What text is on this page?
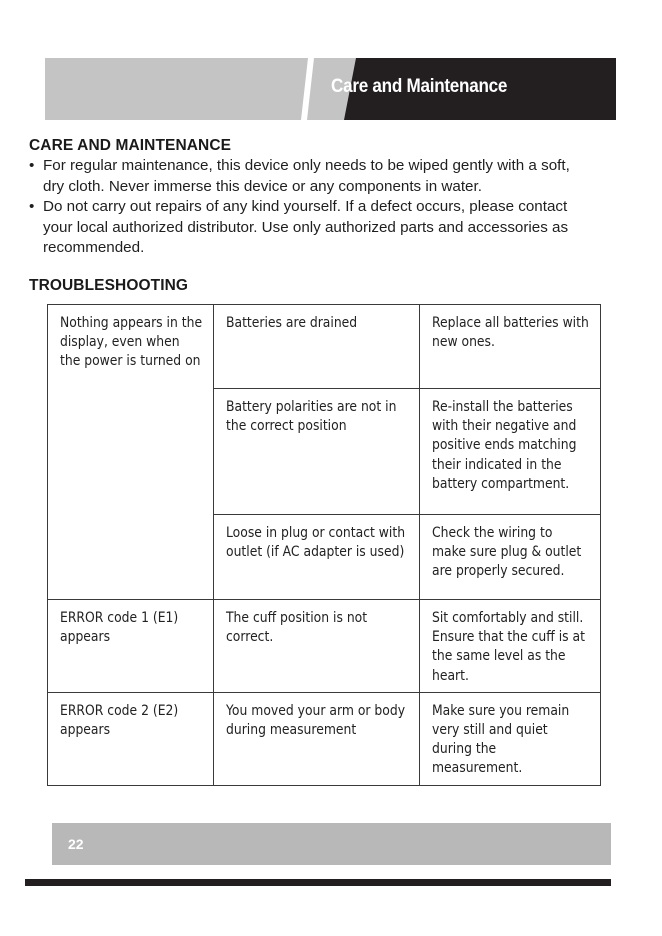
Care and Maintenance
CARE AND MAINTENANCE
• For regular maintenance, this device only needs to be wiped gently with a soft,
dry cloth. Never immerse this device or any components in water.
• Do not carry out repairs of any kind yourself. If a defect occurs, please contact
your local authorized distributor. Use only authorized parts and accessories as
recommended.
TROUBLESHOOTING
Nothing appears in the display, even when the power is turned on	Batteries are drained	Replace all batteries with new ones.

	Battery polarities are not in the correct position	Re-install the batteries with their negative and positive ends matching their indicated in the battery compartment.

	Loose in plug or contact with outlet (if AC adapter is used)	Check the wiring to make sure plug & outlet are properly secured.

ERROR code 1 (E1) appears	The cuff position is not correct.	Sit comfortably and still. Ensure that the cuff is at the same level as the heart.

ERROR code 2 (E2) appears	You moved your arm or body during measurement	Make sure you remain very still and quiet during the measurement.
22
